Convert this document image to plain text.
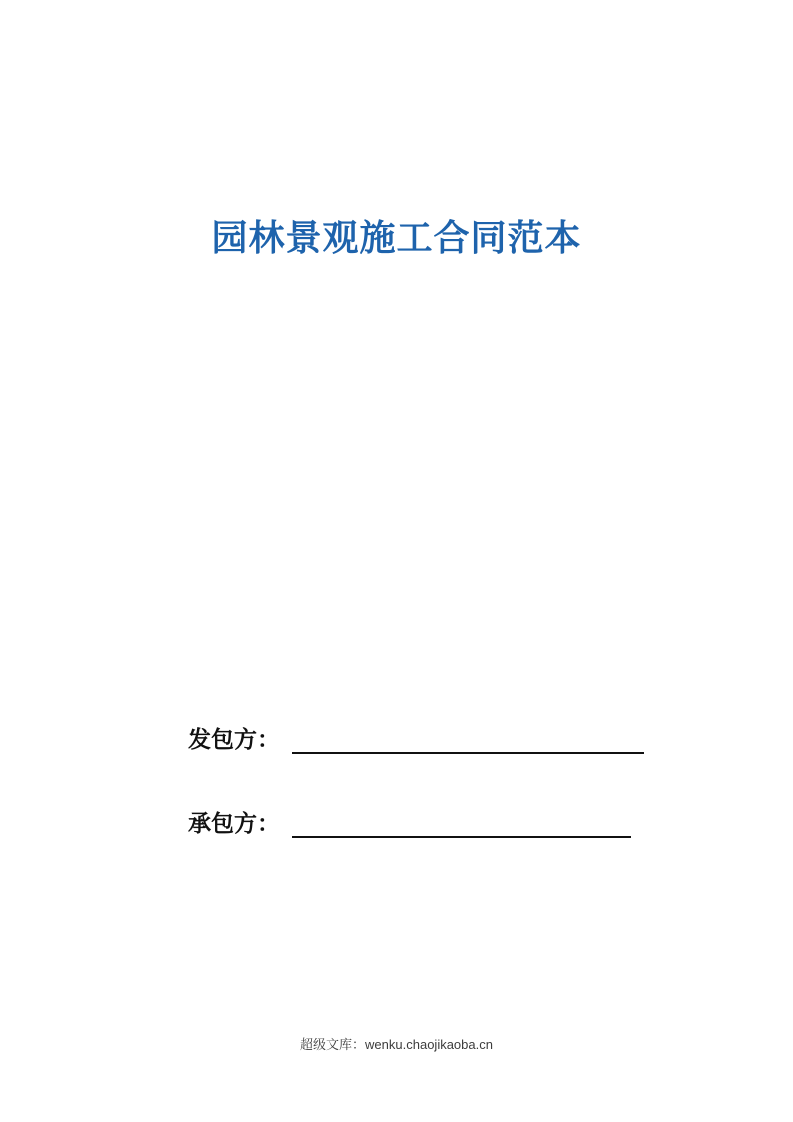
园林景观施工合同范本
发包方：
承包方：
超级文库：wenku.chaojikaoba.cn
